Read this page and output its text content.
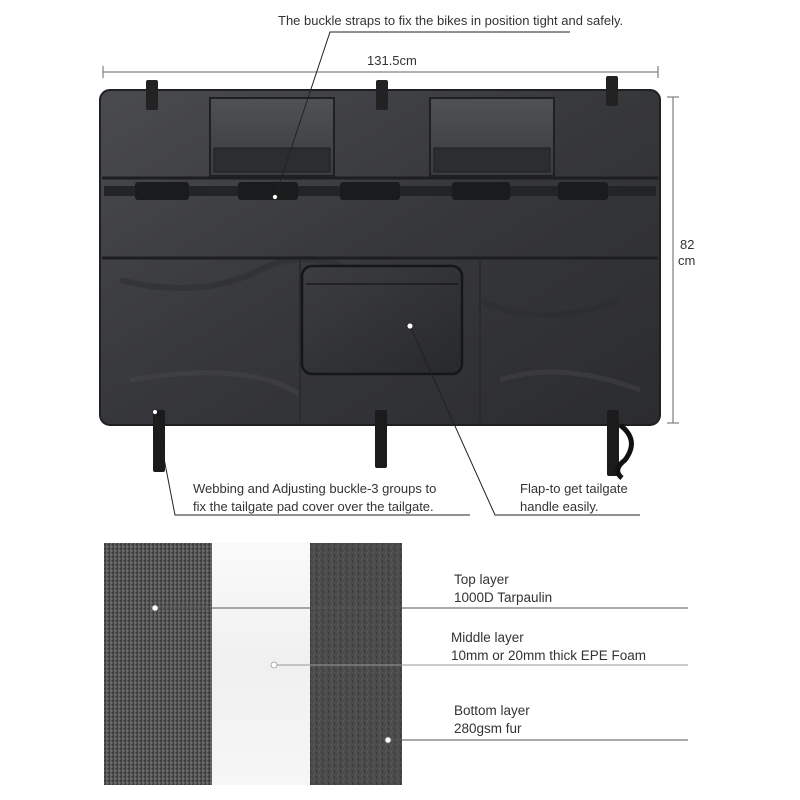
The buckle straps to fix the bikes in position tight and safely.
131.5cm
82
cm
Webbing and Adjusting buckle-3 groups to
fix the tailgate pad cover over the tailgate.
Flap-to get tailgate
handle easily.
Top layer
1000D Tarpaulin
Middle layer
10mm or 20mm thick EPE Foam
Bottom layer
280gsm fur
